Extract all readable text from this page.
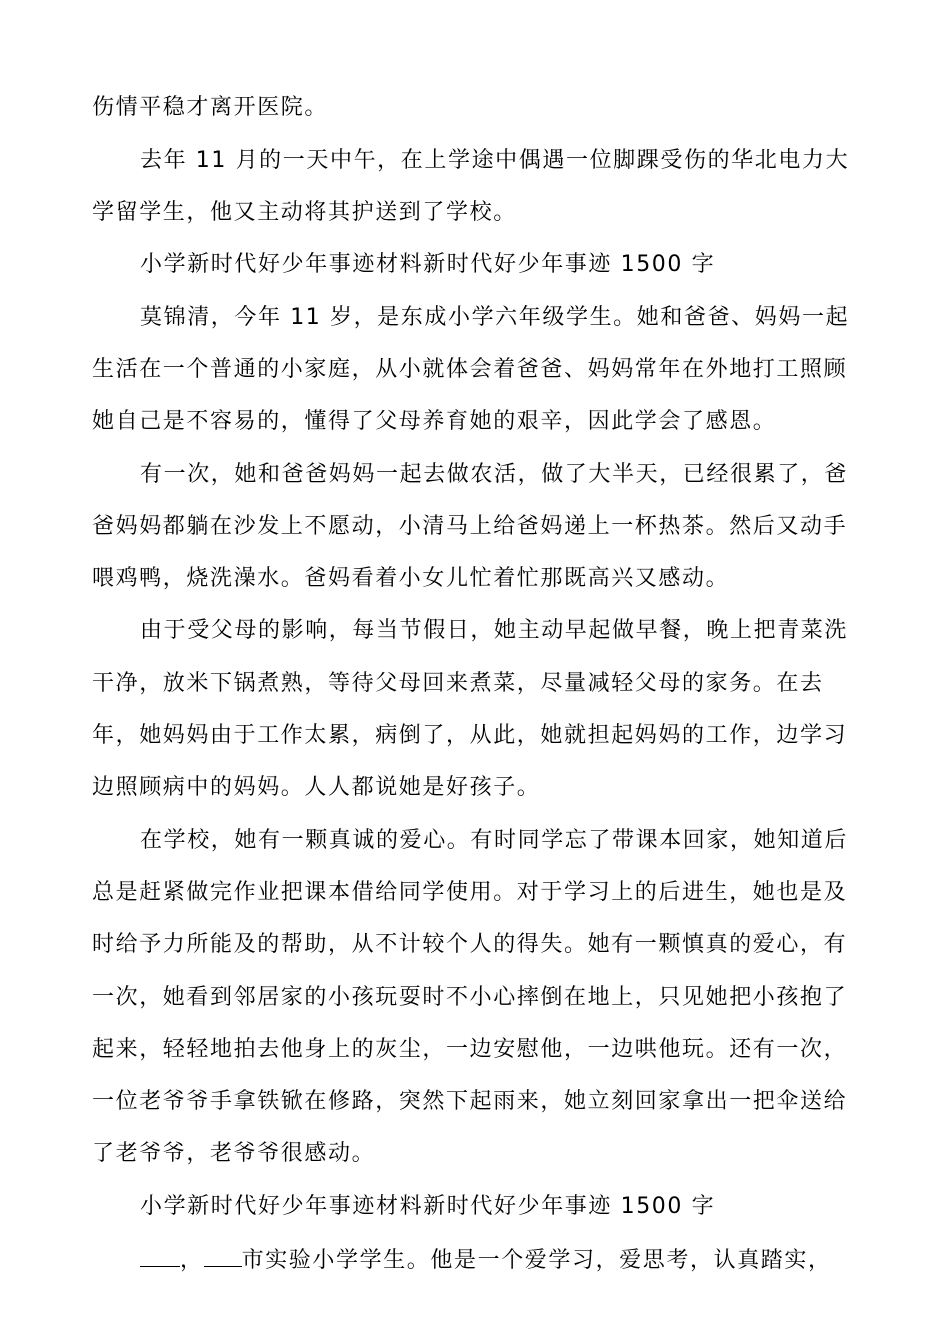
伤情平稳才离开医院。
去年 11 月的一天中午，在上学途中偶遇一位脚踝受伤的华北电力大
学留学生，他又主动将其护送到了学校。
小学新时代好少年事迹材料新时代好少年事迹 1500 字
莫锦清，今年 11 岁，是东成小学六年级学生。她和爸爸、妈妈一起
生活在一个普通的小家庭，从小就体会着爸爸、妈妈常年在外地打工照顾
她自己是不容易的，懂得了父母养育她的艰辛，因此学会了感恩。
有一次，她和爸爸妈妈一起去做农活，做了大半天，已经很累了，爸
爸妈妈都躺在沙发上不愿动，小清马上给爸妈递上一杯热茶。然后又动手
喂鸡鸭，烧洗澡水。爸妈看着小女儿忙着忙那既高兴又感动。
由于受父母的影响，每当节假日，她主动早起做早餐，晚上把青菜洗
干净，放米下锅煮熟，等待父母回来煮菜，尽量减轻父母的家务。在去
年，她妈妈由于工作太累，病倒了，从此，她就担起妈妈的工作，边学习
边照顾病中的妈妈。人人都说她是好孩子。
在学校，她有一颗真诚的爱心。有时同学忘了带课本回家，她知道后
总是赶紧做完作业把课本借给同学使用。对于学习上的后进生，她也是及
时给予力所能及的帮助，从不计较个人的得失。她有一颗慎真的爱心，有
一次，她看到邻居家的小孩玩耍时不小心摔倒在地上，只见她把小孩抱了
起来，轻轻地拍去他身上的灰尘，一边安慰他，一边哄他玩。还有一次，
一位老爷爷手拿铁锨在修路，突然下起雨来，她立刻回家拿出一把伞送给
了老爷爷，老爷爷很感动。
小学新时代好少年事迹材料新时代好少年事迹 1500 字
， 市实验小学学生。他是一个爱学习，爱思考，认真踏实，
